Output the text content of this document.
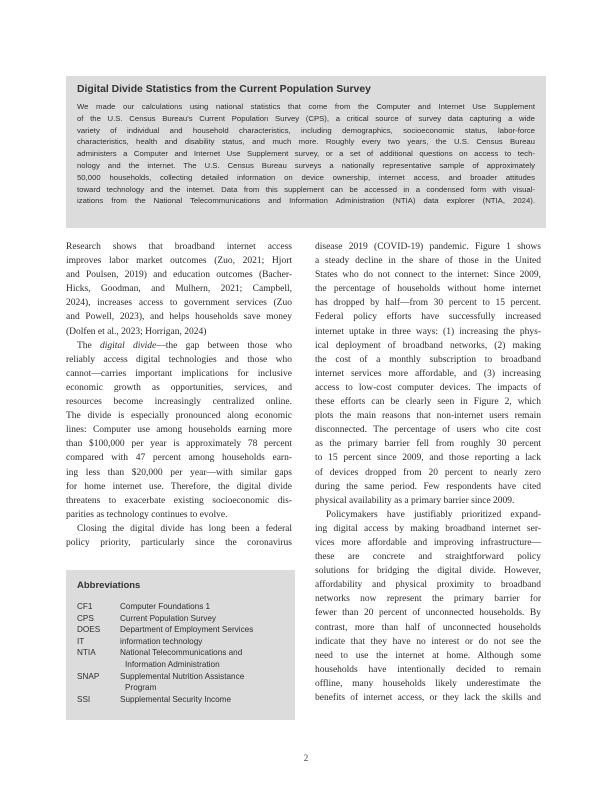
Digital Divide Statistics from the Current Population Survey
We made our calculations using national statistics that come from the Computer and Internet Use Supplement
of the U.S. Census Bureau's Current Population Survey (CPS), a critical source of survey data capturing a wide
variety of individual and household characteristics, including demographics, socioeconomic status, labor-force
characteristics, health and disability status, and much more. Roughly every two years, the U.S. Census Bureau
administers a Computer and Internet Use Supplement survey, or a set of additional questions on access to tech-
nology and the internet. The U.S. Census Bureau surveys a nationally representative sample of approximately
50,000 households, collecting detailed information on device ownership, internet access, and broader attitudes
toward technology and the internet. Data from this supplement can be accessed in a condensed form with visual-
izations from the National Telecommunications and Information Administration (NTIA) data explorer (NTIA, 2024).
Research shows that broadband internet access
improves labor market outcomes (Zuo, 2021; Hjort
and Poulsen, 2019) and education outcomes (Bacher-
Hicks, Goodman, and Mulhern, 2021; Campbell,
2024), increases access to government services (Zuo
and Powell, 2023), and helps households save money
(Dolfen et al., 2023; Horrigan, 2024)
The digital divide—the gap between those who
reliably access digital technologies and those who
cannot—carries important implications for inclusive
economic growth as opportunities, services, and
resources become increasingly centralized online.
The divide is especially pronounced along economic
lines: Computer use among households earning more
than $100,000 per year is approximately 78 percent
compared with 47 percent among households earn-
ing less than $20,000 per year—with similar gaps
for home internet use. Therefore, the digital divide
threatens to exacerbate existing socioeconomic dis-
parities as technology continues to evolve.
Closing the digital divide has long been a federal
policy priority, particularly since the coronavirus
disease 2019 (COVID-19) pandemic. Figure 1 shows
a steady decline in the share of those in the United
States who do not connect to the internet: Since 2009,
the percentage of households without home internet
has dropped by half—from 30 percent to 15 percent.
Federal policy efforts have successfully increased
internet uptake in three ways: (1) increasing the phys-
ical deployment of broadband networks, (2) making
the cost of a monthly subscription to broadband
internet services more affordable, and (3) increasing
access to low-cost computer devices. The impacts of
these efforts can be clearly seen in Figure 2, which
plots the main reasons that non-internet users remain
disconnected. The percentage of users who cite cost
as the primary barrier fell from roughly 30 percent
to 15 percent since 2009, and those reporting a lack
of devices dropped from 20 percent to nearly zero
during the same period. Few respondents have cited
physical availability as a primary barrier since 2009.
Policymakers have justifiably prioritized expand-
ing digital access by making broadband internet ser-
vices more affordable and improving infrastructure—
these are concrete and straightforward policy
solutions for bridging the digital divide. However,
affordability and physical proximity to broadband
networks now represent the primary barrier for
fewer than 20 percent of unconnected households. By
contrast, more than half of unconnected households
indicate that they have no interest or do not see the
need to use the internet at home. Although some
households have intentionally decided to remain
offline, many households likely underestimate the
benefits of internet access, or they lack the skills and
Abbreviations
CF1	Computer Foundations 1
CPS	Current Population Survey
DOES	Department of Employment Services
IT	information technology
NTIA	National Telecommunications and
Information Administration
SNAP	Supplemental Nutrition Assistance
Program
SSI	Supplemental Security Income
2
